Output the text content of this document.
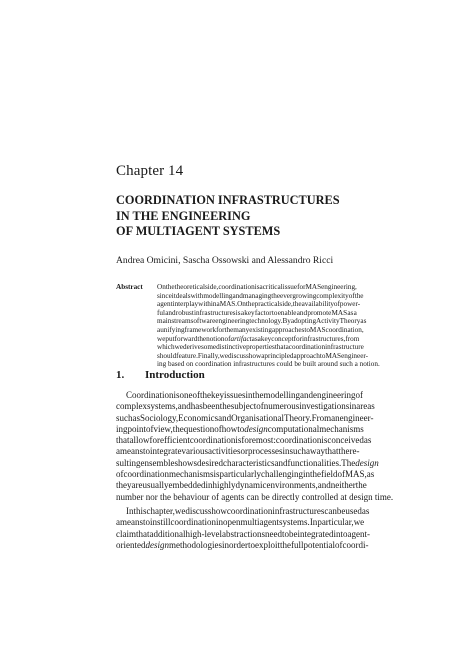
Chapter 14
COORDINATION INFRASTRUCTURES
IN THE ENGINEERING
OF MULTIAGENT SYSTEMS
Andrea Omicini, Sascha Ossowski and Alessandro Ricci
Abstract On the theoretical side, coordination is a critical issue for MAS engineering,
since it deals with modelling and managing the ever growing complexity of the
agent interplay within a MAS. On the practical side, the availability of power-
ful and robust infrastructures is a key factor to enable and promote MAS as a
mainstream software engineering technology. By adopting Activity Theory as
a unifying framework for the many existing approaches to MAS coordination,
we put forward the notion of artifact as a key concept for infrastructures, from
which we derive some distinctive properties that a coordination infrastructure
should feature. Finally, we discuss how a principled approach to MAS engineer-
ing based on coordination infrastructures could be built around such a notion.
1. Introduction
Coordination is one of the key issues in the modelling and engineering of
complex systems, and has been the subject of numerous investigations in areas
such as Sociology, Economics and Organisational Theory. From an engineer-
ing point of view, the question of how to design computational mechanisms
that allow for efficient coordination is foremost: coordination is conceived as
a means to integrate various activities or processes in such a way that the re-
sulting ensemble shows desired characteristics and functionalities. The design
of coordination mechanisms is particularly challenging in the field of MAS, as
they are usually embedded in highly dynamic environments, and neither the
number nor the behaviour of agents can be directly controlled at design time.
In this chapter, we discuss how coordination infrastructures can be used as
a means to instill coordination in open multiagent systems. In particular, we
claim that additional high-level abstractions need to be integrated into agent-
oriented design methodologies in order to exploit the full potential of coordi-
